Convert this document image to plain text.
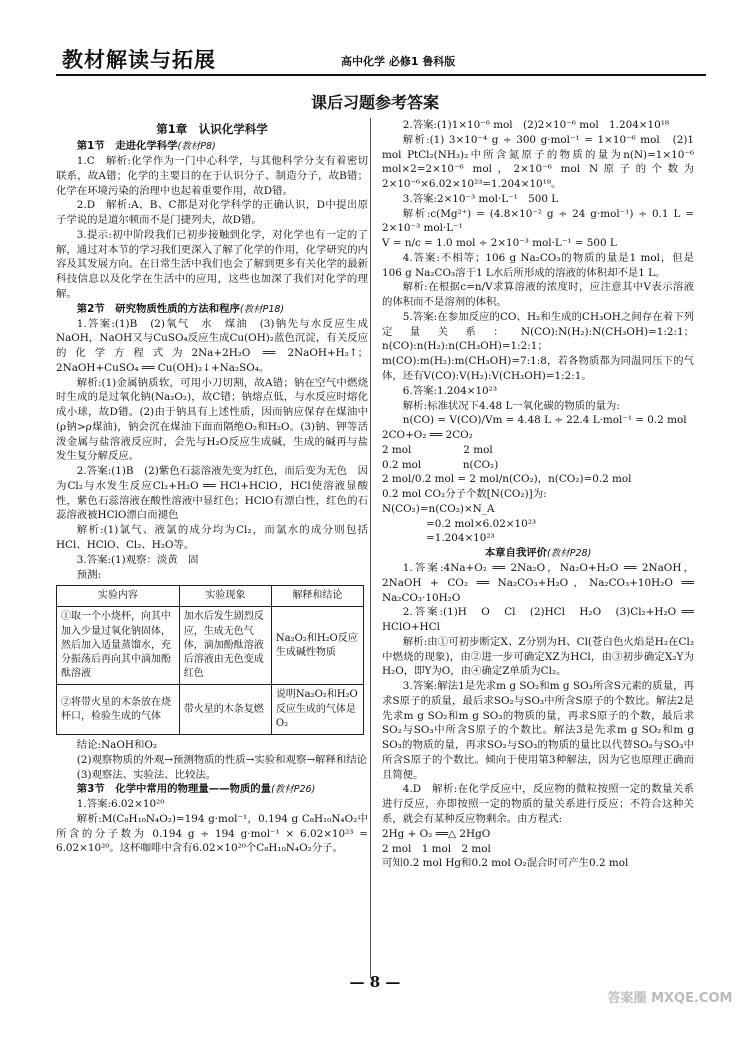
教材解读与拓展	高中化学 必修1 鲁科版
课后习题参考答案
第1章　认识化学科学

第1节　走进化学科学(教材P8)

1.C　解析:化学作为一门中心科学，与其他科学分支有着密切联系，故A错；化学的主要目的在于认识分子、制造分子，故B错；化学在环境污染的治理中也起着重要作用，故D错。

2.D　解析:A、B、C都是对化学科学的正确认识，D中提出原子学说的是道尔顿而不是门捷列夫，故D错。

3.提示:初中阶段我们已初步接触到化学，对化学也有一定的了解，通过对本节的学习我们更深入了解了化学的作用，化学研究的内容及其发展方向。在日常生活中我们也会了解到更多有关化学的最新科技信息以及化学在生活中的应用，这些也加深了我们对化学的理解。

第2节　研究物质性质的方法和程序(教材P18)

1.答案:(1)B　(2)氧气　水　煤油　(3)钠先与水反应生成NaOH，NaOH又与CuSO₄反应生成Cu(OH)₂蓝色沉淀，有关反应的化学方程式为2Na+2H₂O ══ 2NaOH+H₂↑；2NaOH+CuSO₄ ══ Cu(OH)₂↓+Na₂SO₄。

解析:(1)金属钠质软，可用小刀切割，故A错；钠在空气中燃烧时生成的是过氧化钠(Na₂O₂)，故C错；钠熔点低，与水反应时熔化成小球，故D错。(2)由于钠具有上述性质，因而钠应保存在煤油中(ρ钠>ρ煤油)，钠会沉在煤油下面而隔绝O₂和H₂O。(3)钠、钾等活泼金属与盐溶液反应时，会先与H₂O反应生成碱，生成的碱再与盐发生复分解反应。

2.答案:(1)B　(2)紫色石蕊溶液先变为红色，而后变为无色　因为Cl₂与水发生反应Cl₂+H₂O ══ HCl+HClO，HCl使溶液显酸性，紫色石蕊溶液在酸性溶液中显红色；HClO有漂白性，红色的石蕊溶液被HClO漂白而褪色

解析:(1)氯气、液氯的成分均为Cl₂，而氯水的成分则包括HCl、HClO、Cl₂、H₂O等。

3.答案:(1)观察：淡黄　固

预测:

实验内容	实验现象	解释和结论
①取一个小烧杯，向其中加入少量过氧化钠固体，然后加入适量蒸馏水，充分振荡后再向其中滴加酚酞溶液	加水后发生剧烈反应，生成无色气体，滴加酚酞溶液后溶液由无色变成红色	Na₂O₂和H₂O反应生成碱性物质
②将带火星的木条放在烧杯口，检验生成的气体	带火星的木条复燃	说明Na₂O₂和H₂O反应生成的气体是O₂

结论:NaOH和O₂

(2)观察物质的外观→预测物质的性质→实验和观察→解释和结论

(3)观察法、实验法、比较法。

第3节　化学中常用的物理量——物质的量(教材P26)

1.答案:6.02×10²⁰

解析:M(C₈H₁₀N₄O₂)=194 g·mol⁻¹，0.194 g C₈H₁₀N₄O₂中所含的分子数为 0.194 g ÷ 194 g·mol⁻¹ × 6.02×10²³ = 6.02×10²⁰。这杯咖啡中含有6.02×10²⁰个C₈H₁₀N₄O₂分子。

2.答案:(1)1×10⁻⁶ mol　(2)2×10⁻⁶ mol　1.204×10¹⁸

解析:(1) 3×10⁻⁴ g ÷ 300 g·mol⁻¹ = 1×10⁻⁶ mol　(2)1 mol PtCl₂(NH₃)₂中所含氮原子的物质的量为n(N)=1×10⁻⁶ mol×2=2×10⁻⁶ mol，2×10⁻⁶ mol N原子的个数为2×10⁻⁶×6.02×10²³=1.204×10¹⁸。

3.答案:2×10⁻³ mol·L⁻¹　500 L

解析:c(Mg²⁺) = (4.8×10⁻² g ÷ 24 g·mol⁻¹) ÷ 0.1 L = 2×10⁻³ mol·L⁻¹

V = n/c = 1.0 mol ÷ 2×10⁻³ mol·L⁻¹ = 500 L

4.答案:不相等；106 g Na₂CO₃的物质的量是1 mol，但是106 g Na₂CO₃溶于1 L水后所形成的溶液的体积却不是1 L。

解析:在根据c=n/V求算溶液的浓度时，应注意其中V表示溶液的体积而不是溶剂的体积。

5.答案:在参加反应的CO、H₂和生成的CH₃OH之间存在着下列定量关系：N(CO):N(H₂):N(CH₃OH)=1:2:1；n(CO):n(H₂):n(CH₃OH)=1:2:1；m(CO):m(H₂):m(CH₃OH)=7:1:8，若各物质都为同温同压下的气体，还有V(CO):V(H₂):V(CH₃OH)=1:2:1。

6.答案:1.204×10²³

解析:标准状况下4.48 L一氧化碳的物质的量为:

n(CO) = V(CO)/Vm = 4.48 L ÷ 22.4 L·mol⁻¹ = 0.2 mol

2CO+O₂ ══ 2CO₂

2 mol　　　　　2 mol

0.2 mol　　　　n(CO₂)

2 mol/0.2 mol = 2 mol/n(CO₂)，n(CO₂)=0.2 mol

0.2 mol CO₂分子个数[N(CO₂)]为:

N(CO₂)=n(CO₂)×N_A

=0.2 mol×6.02×10²³

=1.204×10²³

本章自我评价(教材P28)

1.答案:4Na+O₂ ══ 2Na₂O，Na₂O+H₂O ══ 2NaOH，2NaOH + CO₂ ══ Na₂CO₃+H₂O，Na₂CO₃+10H₂O ══ Na₂CO₃·10H₂O

2.答案:(1)H　O　Cl　(2)HCl　H₂O　(3)Cl₂+H₂O ══ HClO+HCl

解析:由①可初步断定X、Z分别为H、Cl(苍白色火焰是H₂在Cl₂中燃烧的现象)，由②进一步可确定XZ为HCl，由③初步确定X₂Y为H₂O，即Y为O，由④确定Z单质为Cl₂。

3.答案:解法1是先求m g SO₂和m g SO₃所含S元素的质量，再求S原子的质量，最后求SO₂与SO₃中所含S原子的个数比。解法2是先求m g SO₂和m g SO₃的物质的量，再求S原子的个数，最后求SO₂与SO₃中所含S原子的个数比。解法3是先求m g SO₂和m g SO₃的物质的量，再求SO₂与SO₃的物质的量比以代替SO₂与SO₃中所含S原子的个数比。倾向于使用第3种解法，因为它也原理正确而且简便。

4.D　解析:在化学反应中，反应物的微粒按照一定的数量关系进行反应，亦即按照一定的物质的量关系进行反应；不符合这种关系，就会有某种反应物剩余。由方程式:

2Hg + O₂ ══△ 2HgO

2 mol　1 mol　2 mol

可知0.2 mol Hg和0.2 mol O₂混合时可产生0.2 mol

— 8 —
答案圈 MXQE.COM
